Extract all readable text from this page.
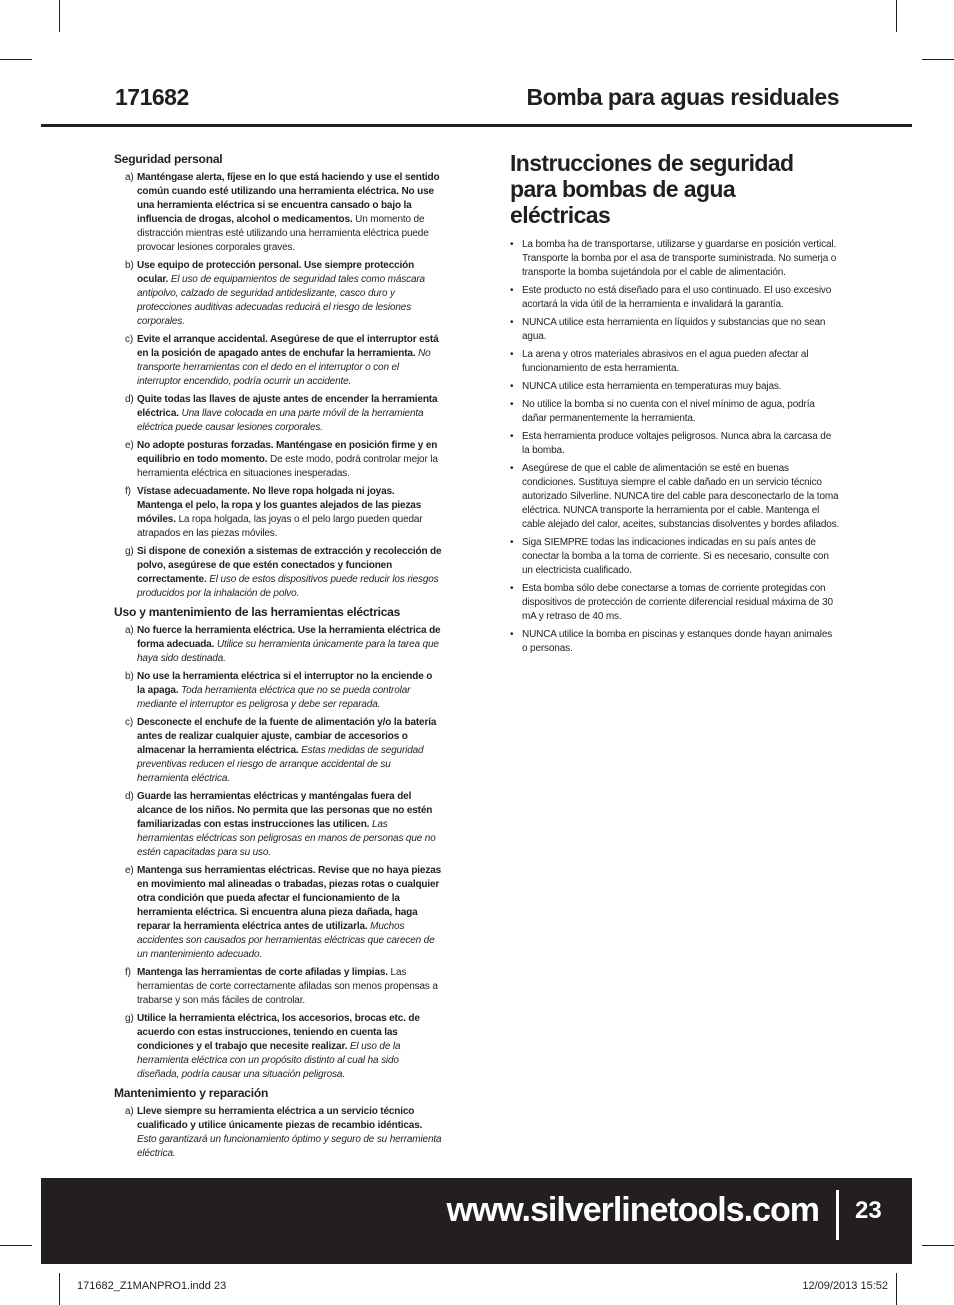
171682	Bomba para aguas residuales
Seguridad personal
a) Manténgase alerta, fíjese en lo que está haciendo y use el sentido común cuando esté utilizando una herramienta eléctrica. No use una herramienta eléctrica si se encuentra cansado o bajo la influencia de drogas, alcohol o medicamentos. Un momento de distracción mientras esté utilizando una herramienta eléctrica puede provocar lesiones corporales graves.
b) Use equipo de protección personal. Use siempre protección ocular. El uso de equipamientos de seguridad tales como máscara antipolvo, calzado de seguridad antideslizante, casco duro y protecciones auditivas adecuadas reducirá el riesgo de lesiones corporales.
c) Evite el arranque accidental. Asegúrese de que el interruptor está en la posición de apagado antes de enchufar la herramienta. No transporte herramientas con el dedo en el interruptor o con el interruptor encendido, podría ocurrir un accidente.
d) Quite todas las llaves de ajuste antes de encender la herramienta eléctrica. Una llave colocada en una parte móvil de la herramienta eléctrica puede causar lesiones corporales.
e) No adopte posturas forzadas. Manténgase en posición firme y en equilibrio en todo momento. De este modo, podrá controlar mejor la herramienta eléctrica en situaciones inesperadas.
f) Vístase adecuadamente. No lleve ropa holgada ni joyas. Mantenga el pelo, la ropa y los guantes alejados de las piezas móviles. La ropa holgada, las joyas o el pelo largo pueden quedar atrapados en las piezas móviles.
g) Si dispone de conexión a sistemas de extracción y recolección de polvo, asegúrese de que estén conectados y funcionen correctamente. El uso de estos dispositivos puede reducir los riesgos producidos por la inhalación de polvo.
Uso y mantenimiento de las herramientas eléctricas
a) No fuerce la herramienta eléctrica. Use la herramienta eléctrica de forma adecuada. Utilice su herramienta únicamente para la tarea que haya sido destinada.
b) No use la herramienta eléctrica si el interruptor no la enciende o la apaga. Toda herramienta eléctrica que no se pueda controlar mediante el interruptor es peligrosa y debe ser reparada.
c) Desconecte el enchufe de la fuente de alimentación y/o la batería antes de realizar cualquier ajuste, cambiar de accesorios o almacenar la herramienta eléctrica. Estas medidas de seguridad preventivas reducen el riesgo de arranque accidental de su herramienta eléctrica.
d) Guarde las herramientas eléctricas y manténgalas fuera del alcance de los niños. No permita que las personas que no estén familiarizadas con estas instrucciones las utilicen. Las herramientas eléctricas son peligrosas en manos de personas que no estén capacitadas para su uso.
e) Mantenga sus herramientas eléctricas. Revise que no haya piezas en movimiento mal alineadas o trabadas, piezas rotas o cualquier otra condición que pueda afectar el funcionamiento de la herramienta eléctrica. Si encuentra aluna pieza dañada, haga reparar la herramienta eléctrica antes de utilizarla. Muchos accidentes son causados por herramientas eléctricas que carecen de un mantenimiento adecuado.
f) Mantenga las herramientas de corte afiladas y limpias. Las herramientas de corte correctamente afiladas son menos propensas a trabarse y son más fáciles de controlar.
g) Utilice la herramienta eléctrica, los accesorios, brocas etc. de acuerdo con estas instrucciones, teniendo en cuenta las condiciones y el trabajo que necesite realizar. El uso de la herramienta eléctrica con un propósito distinto al cual ha sido diseñada, podría causar una situación peligrosa.
Mantenimiento y reparación
a) Lleve siempre su herramienta eléctrica a un servicio técnico cualificado y utilice únicamente piezas de recambio idénticas. Esto garantizará un funcionamiento óptimo y seguro de su herramienta eléctrica.
Instrucciones de seguridad para bombas de agua eléctricas
• La bomba ha de transportarse, utilizarse y guardarse en posición vertical. Transporte la bomba por el asa de transporte suministrada. No sumerja o transporte la bomba sujetándola por el cable de alimentación.
• Este producto no está diseñado para el uso continuado. El uso excesivo acortará la vida útil de la herramienta e invalidará la garantía.
• NUNCA utilice esta herramienta en líquidos y substancias que no sean agua.
• La arena y otros materiales abrasivos en el agua pueden afectar al funcionamiento de esta herramienta.
• NUNCA utilice esta herramienta en temperaturas muy bajas.
• No utilice la bomba si no cuenta con el nivel mínimo de agua, podría dañar permanentemente la herramienta.
• Esta herramienta produce voltajes peligrosos. Nunca abra la carcasa de la bomba.
• Asegúrese de que el cable de alimentación se esté en buenas condiciones. Sustituya siempre el cable dañado en un servicio técnico autorizado Silverline. NUNCA tire del cable para desconectarlo de la toma eléctrica. NUNCA transporte la herramienta por el cable. Mantenga el cable alejado del calor, aceites, substancias disolventes y bordes afilados.
• Siga SIEMPRE todas las indicaciones indicadas en su país antes de conectar la bomba a la toma de corriente. Si es necesario, consulte con un electricista cualificado.
• Esta bomba sólo debe conectarse a tomas de corriente protegidas con dispositivos de protección de corriente diferencial residual máxima de 30 mA y retraso de 40 ms.
• NUNCA utilice la bomba en piscinas y estanques donde hayan animales o personas.
www.silverlinetools.com 23
171682_Z1MANPRO1.indd 23	12/09/2013 15:52
